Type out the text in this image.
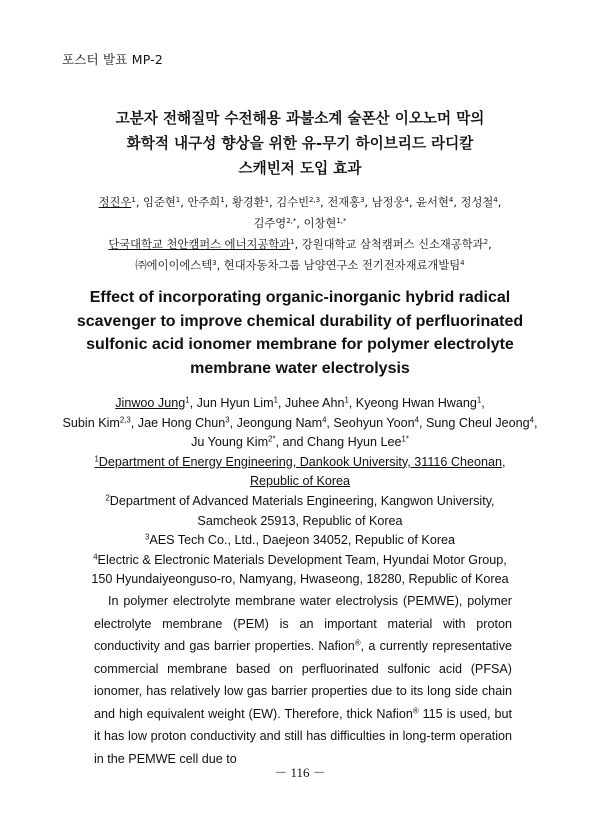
포스터 발표 MP-2
고분자 전해질막 수전해용 과불소계 술폰산 이오노머 막의
화학적 내구성 향상을 위한 유-무기 하이브리드 라디칼
스캐빈저 도입 효과
정진우$^1$, 임준현$^1$, 안주희$^1$, 황경환$^1$, 김수빈$^{2,3}$, 전재홍$^3$, 남정웅$^4$, 윤서현$^4$, 정성철$^4$,
김주영$^{2,*}$, 이창현$^{1,*}$
단국대학교 천안캠퍼스 에너지공학과$^1$, 강원대학교 삼척캠퍼스 신소재공학과$^2$,
㈜에이이에스텍$^3$, 현대자동차그룹 남양연구소 전기전자재료개발팀$^4$
Effect of incorporating organic-inorganic hybrid radical
scavenger to improve chemical durability of perfluorinated
sulfonic acid ionomer membrane for polymer electrolyte
membrane water electrolysis
Jinwoo Jung$^1$, Jun Hyun Lim$^1$, Juhee Ahn$^1$, Kyeong Hwan Hwang$^1$,
Subin Kim$^{2,3}$, Jae Hong Chun$^3$, Jeongung Nam$^4$, Seohyun Yoon$^4$, Sung Cheul Jeong$^4$, Ju Young Kim$^{2*}$, and Chang Hyun Lee$^{1*}$
$^1$Department of Energy Engineering, Dankook University, 31116 Cheonan,
Republic of Korea
$^2$Department of Advanced Materials Engineering, Kangwon University,
Samcheok 25913, Republic of Korea
$^3$AES Tech Co., Ltd., Daejeon 34052, Republic of Korea
$^4$Electric & Electronic Materials Development Team, Hyundai Motor Group,
150 Hyundaiyeonguso-ro, Namyang, Hwaseong, 18280, Republic of Korea

In polymer electrolyte membrane water electrolysis (PEMWE), polymer electrolyte membrane (PEM) is an important material with proton conductivity and gas barrier properties. Nafion®, a currently representative commercial membrane based on perfluorinated sulfonic acid (PFSA) ionomer, has relatively low gas barrier properties due to its long side chain and high equivalent weight (EW). Therefore, thick Nafion® 115 is used, but it has low proton conductivity and still has difficulties in long-term operation in the PEMWE cell due to

－ 116 －
